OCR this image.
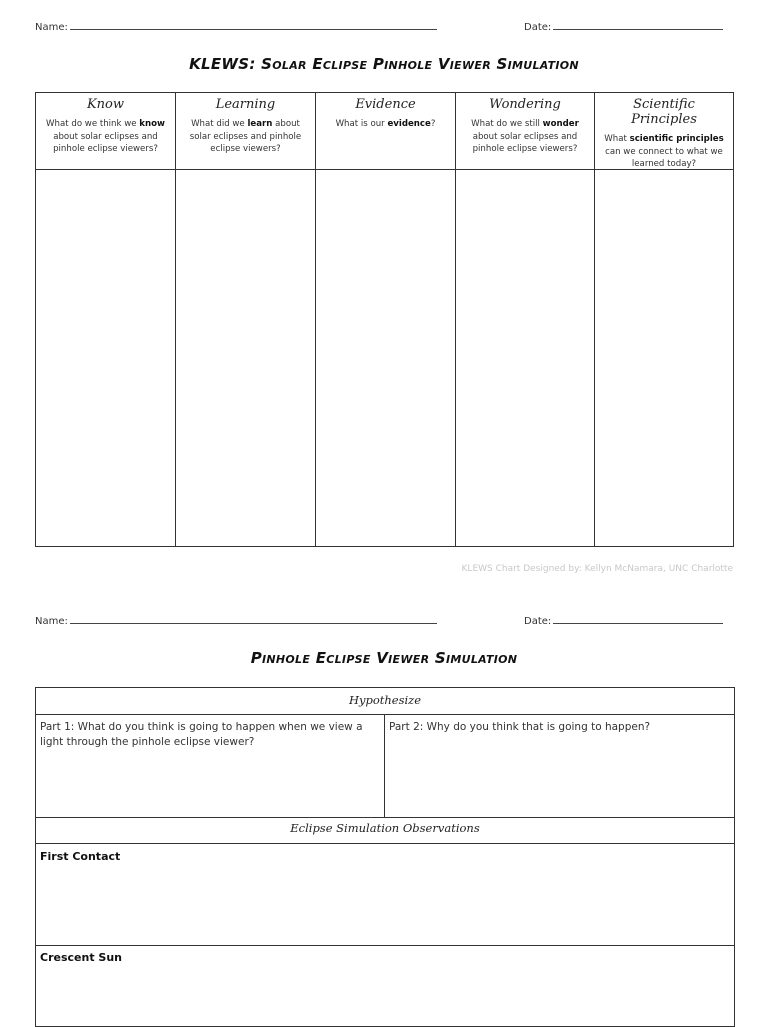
Name:	Date:
KLEWS: Solar Eclipse Pinhole Viewer Simulation
Know
What do we think we know about solar eclipses and pinhole eclipse viewers?
Learning
What did we learn about solar eclipses and pinhole eclipse viewers?
Evidence
What is our evidence?
Wondering
What do we still wonder about solar eclipses and pinhole eclipse viewers?
Scientific Principles
What scientific principles can we connect to what we learned today?
KLEWS Chart Designed by: Kellyn McNamara, UNC Charlotte
Name:	Date:
Pinhole Eclipse Viewer Simulation
Hypothesize
Part 1: What do you think is going to happen when we view a light through the pinhole eclipse viewer?
Part 2: Why do you think that is going to happen?
Eclipse Simulation Observations
First Contact
Crescent Sun
